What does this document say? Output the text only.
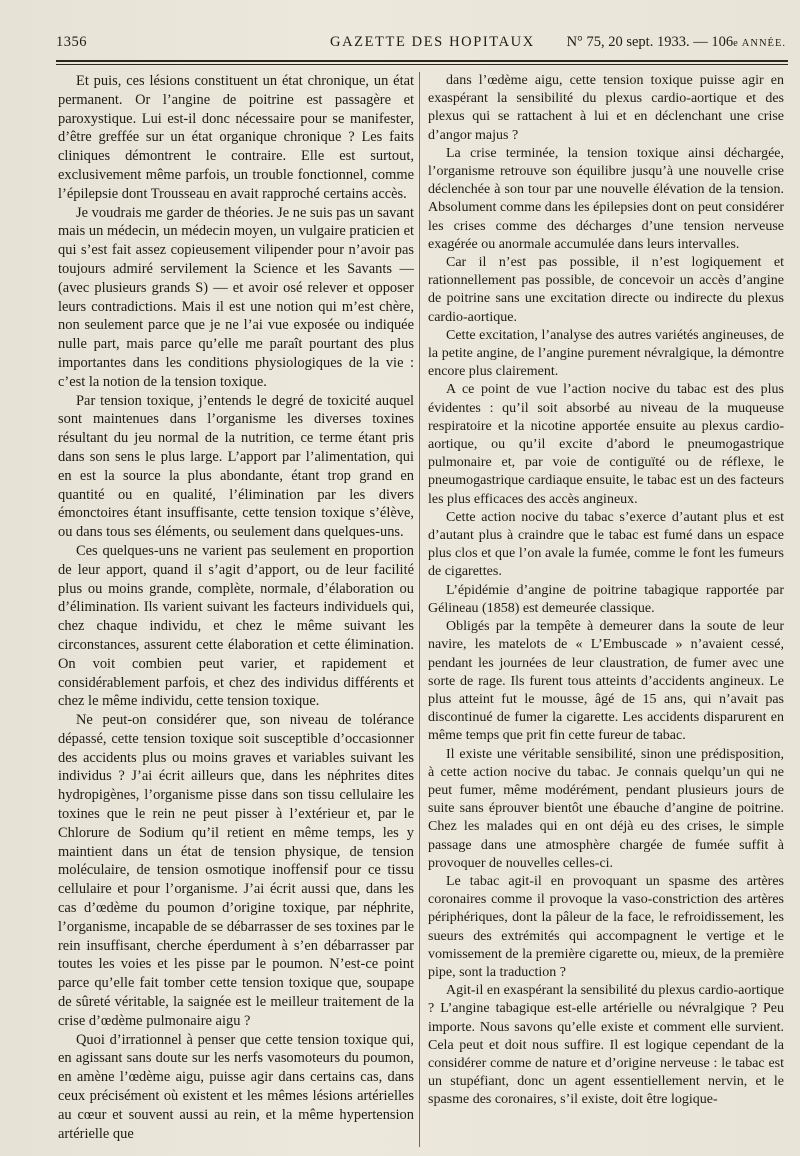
1356	GAZETTE DES HOPITAUX N° 75, 20 sept. 1933. — 106e ANNÉE.

Et puis, ces lésions constituent un état chronique, un état permanent. Or l’angine de poitrine est passagère et paroxystique. Lui est-il donc nécessaire pour se manifester, d’être greffée sur un état organique chronique ? Les faits cliniques démontrent le contraire. Elle est surtout, exclusivement même parfois, un trouble fonctionnel, comme l’épilepsie dont Trousseau en avait rapproché certains accès.

Je voudrais me garder de théories. Je ne suis pas un savant mais un médecin, un médecin moyen, un vulgaire praticien et qui s’est fait assez copieusement vilipender pour n’avoir pas toujours admiré servilement la Science et les Savants — (avec plusieurs grands S) — et avoir osé relever et opposer leurs contradictions. Mais il est une notion qui m’est chère, non seulement parce que je ne l’ai vue exposée ou indiquée nulle part, mais parce qu’elle me paraît pourtant des plus importantes dans les conditions physiologiques de la vie : c’est la notion de la tension toxique.

Par tension toxique, j’entends le degré de toxicité auquel sont maintenues dans l’organisme les diverses toxines résultant du jeu normal de la nutrition, ce terme étant pris dans son sens le plus large. L’apport par l’alimentation, qui en est la source la plus abondante, étant trop grand en quantité ou en qualité, l’élimination par les divers émonctoires étant insuffisante, cette tension toxique s’élève, ou dans tous ses éléments, ou seulement dans quelques-uns.

Ces quelques-uns ne varient pas seulement en proportion de leur apport, quand il s’agit d’apport, ou de leur facilité plus ou moins grande, complète, normale, d’élaboration ou d’élimination. Ils varient suivant les facteurs individuels qui, chez chaque individu, et chez le même suivant les circonstances, assurent cette élaboration et cette élimination. On voit combien peut varier, et rapidement et considérablement parfois, et chez des individus différents et chez le même individu, cette tension toxique.

Ne peut-on considérer que, son niveau de tolérance dépassé, cette tension toxique soit susceptible d’occasionner des accidents plus ou moins graves et variables suivant les individus ? J’ai écrit ailleurs que, dans les néphrites dites hydropigènes, l’organisme pisse dans son tissu cellulaire les toxines que le rein ne peut pisser à l’extérieur et, par le Chlorure de Sodium qu’il retient en même temps, les y maintient dans un état de tension physique, de tension moléculaire, de tension osmotique inoffensif pour ce tissu cellulaire et pour l’organisme. J’ai écrit aussi que, dans les cas d’œdème du poumon d’origine toxique, par néphrite, l’organisme, incapable de se débarrasser de ses toxines par le rein insuffisant, cherche éperdument à s’en débarrasser par toutes les voies et les pisse par le poumon. N’est-ce point parce qu’elle fait tomber cette tension toxique que, soupape de sûreté véritable, la saignée est le meilleur traitement de la crise d’œdème pulmonaire aigu ?

Quoi d’irrationnel à penser que cette tension toxique qui, en agissant sans doute sur les nerfs vasomoteurs du poumon, en amène l’œdème aigu, puisse agir dans certains cas, dans ceux précisément où existent et les mêmes lésions artérielles au cœur et souvent aussi au rein, et la même hypertension artérielle que

dans l’œdème aigu, cette tension toxique puisse agir en exaspérant la sensibilité du plexus cardio-aortique et des plexus qui se rattachent à lui et en déclenchant une crise d’angor majus ?

La crise terminée, la tension toxique ainsi déchargée, l’organisme retrouve son équilibre jusqu’à une nouvelle crise déclenchée à son tour par une nouvelle élévation de la tension. Absolument comme dans les épilepsies dont on peut considérer les crises comme des décharges d’une tension nerveuse exagérée ou anormale accumulée dans leurs intervalles.

Car il n’est pas possible, il n’est logiquement et rationnellement pas possible, de concevoir un accès d’angine de poitrine sans une excitation directe ou indirecte du plexus cardio-aortique.

Cette excitation, l’analyse des autres variétés angineuses, de la petite angine, de l’angine purement névralgique, la démontre encore plus clairement.

A ce point de vue l’action nocive du tabac est des plus évidentes : qu’il soit absorbé au niveau de la muqueuse respiratoire et la nicotine apportée ensuite au plexus cardio-aortique, ou qu’il excite d’abord le pneumogastrique pulmonaire et, par voie de contiguïté ou de réflexe, le pneumogastrique cardiaque ensuite, le tabac est un des facteurs les plus efficaces des accès angineux.

Cette action nocive du tabac s’exerce d’autant plus et est d’autant plus à craindre que le tabac est fumé dans un espace plus clos et que l’on avale la fumée, comme le font les fumeurs de cigarettes.

L’épidémie d’angine de poitrine tabagique rapportée par Gélineau (1858) est demeurée classique.

Obligés par la tempête à demeurer dans la soute de leur navire, les matelots de « L’Embuscade » n’avaient cessé, pendant les journées de leur claustration, de fumer avec une sorte de rage. Ils furent tous atteints d’accidents angineux. Le plus atteint fut le mousse, âgé de 15 ans, qui n’avait pas discontinué de fumer la cigarette. Les accidents disparurent en même temps que prit fin cette fureur de tabac.

Il existe une véritable sensibilité, sinon une prédisposition, à cette action nocive du tabac. Je connais quelqu’un qui ne peut fumer, même modérément, pendant plusieurs jours de suite sans éprouver bientôt une ébauche d’angine de poitrine. Chez les malades qui en ont déjà eu des crises, le simple passage dans une atmosphère chargée de fumée suffit à provoquer de nouvelles celles-ci.

Le tabac agit-il en provoquant un spasme des artères coronaires comme il provoque la vaso-constriction des artères périphériques, dont la pâleur de la face, le refroidissement, les sueurs des extrémités qui accompagnent le vertige et le vomissement de la première cigarette ou, mieux, de la première pipe, sont la traduction ?

Agit-il en exaspérant la sensibilité du plexus cardio-aortique ? L’angine tabagique est-elle artérielle ou névralgique ? Peu importe. Nous savons qu’elle existe et comment elle survient. Cela peut et doit nous suffire. Il est logique cependant de la considérer comme de nature et d’origine nerveuse : le tabac est un stupéfiant, donc un agent essentiellement nervin, et le spasme des coronaires, s’il existe, doit être logique-
